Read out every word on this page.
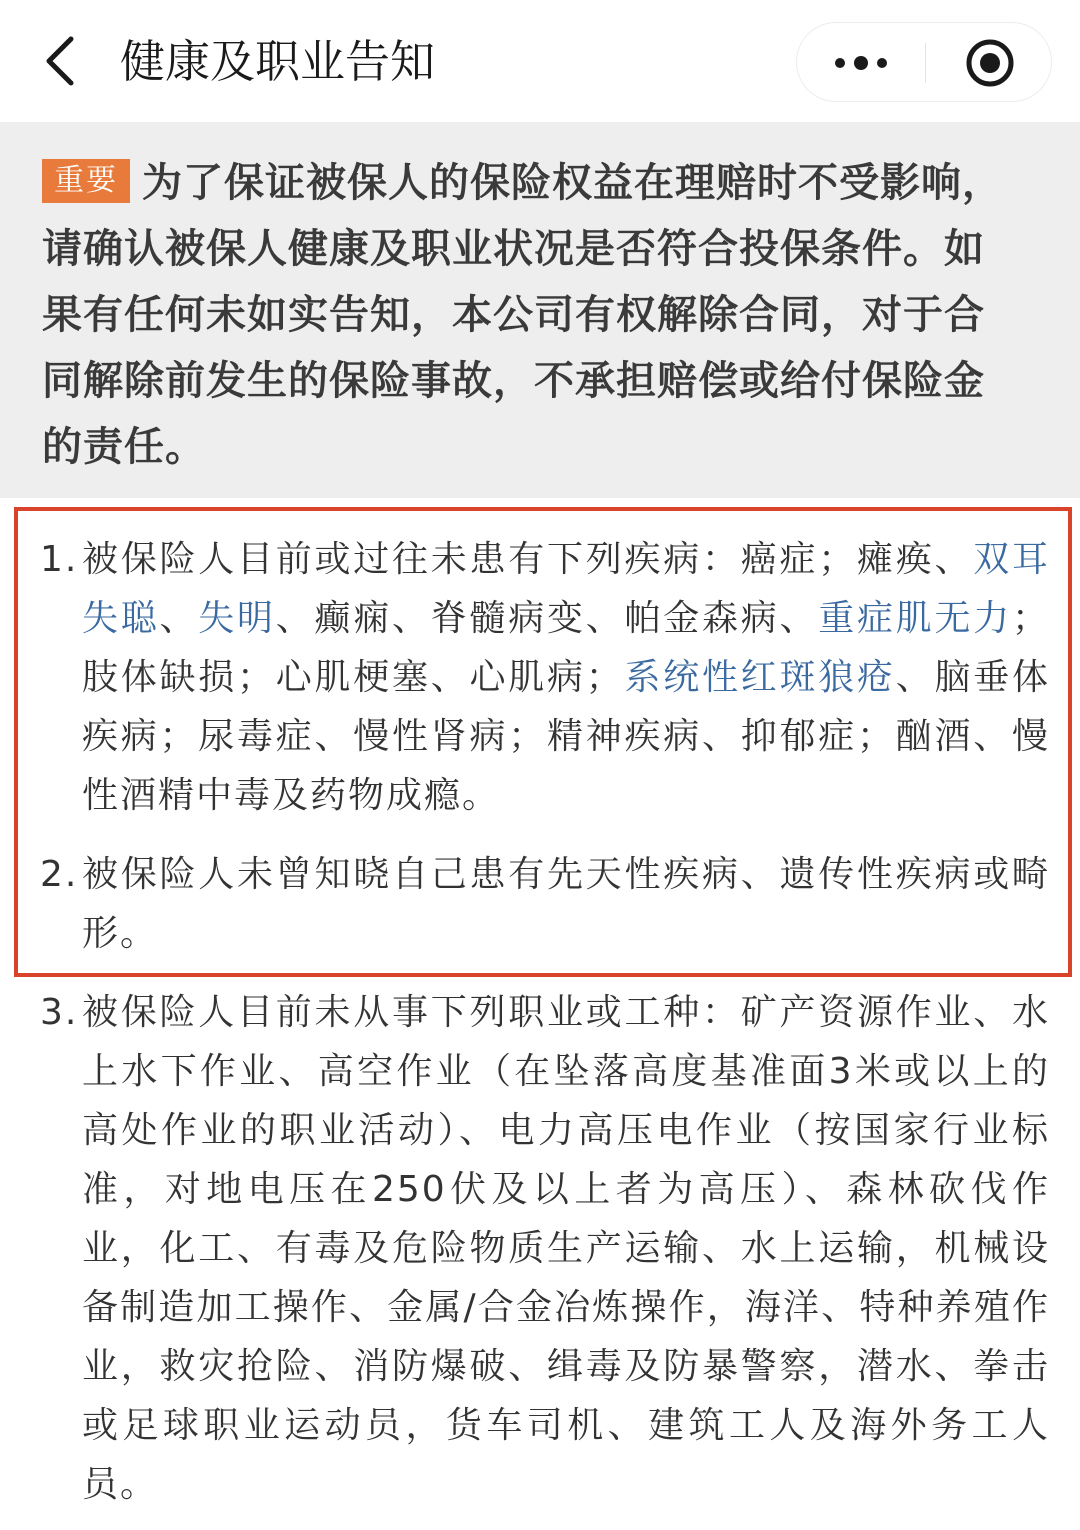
健康及职业告知
重要 为了保证被保人的保险权益在理赔时不受影响，请确认被保人健康及职业状况是否符合投保条件。如果有任何未如实告知，本公司有权解除合同，对于合同解除前发生的保险事故，不承担赔偿或给付保险金的责任。
1. 被保险人目前或过往未患有下列疾病：癌症；瘫痪、双耳失聪、失明、癫痫、脊髓病变、帕金森病、重症肌无力；肢体缺损；心肌梗塞、心肌病；系统性红斑狼疮、脑垂体疾病；尿毒症、慢性肾病；精神疾病、抑郁症；酗酒、慢性酒精中毒及药物成瘾。
2. 被保险人未曾知晓自己患有先天性疾病、遗传性疾病或畸形。
3. 被保险人目前未从事下列职业或工种：矿产资源作业、水上水下作业、高空作业（在坠落高度基准面3米或以上的高处作业的职业活动）、电力高压电作业（按国家行业标准，对地电压在250伏及以上者为高压）、森林砍伐作业，化工、有毒及危险物质生产运输、水上运输，机械设备制造加工操作、金属/合金冶炼操作，海洋、特种养殖作业，救灾抢险、消防爆破、缉毒及防暴警察，潜水、拳击或足球职业运动员，货车司机、建筑工人及海外务工人员。
